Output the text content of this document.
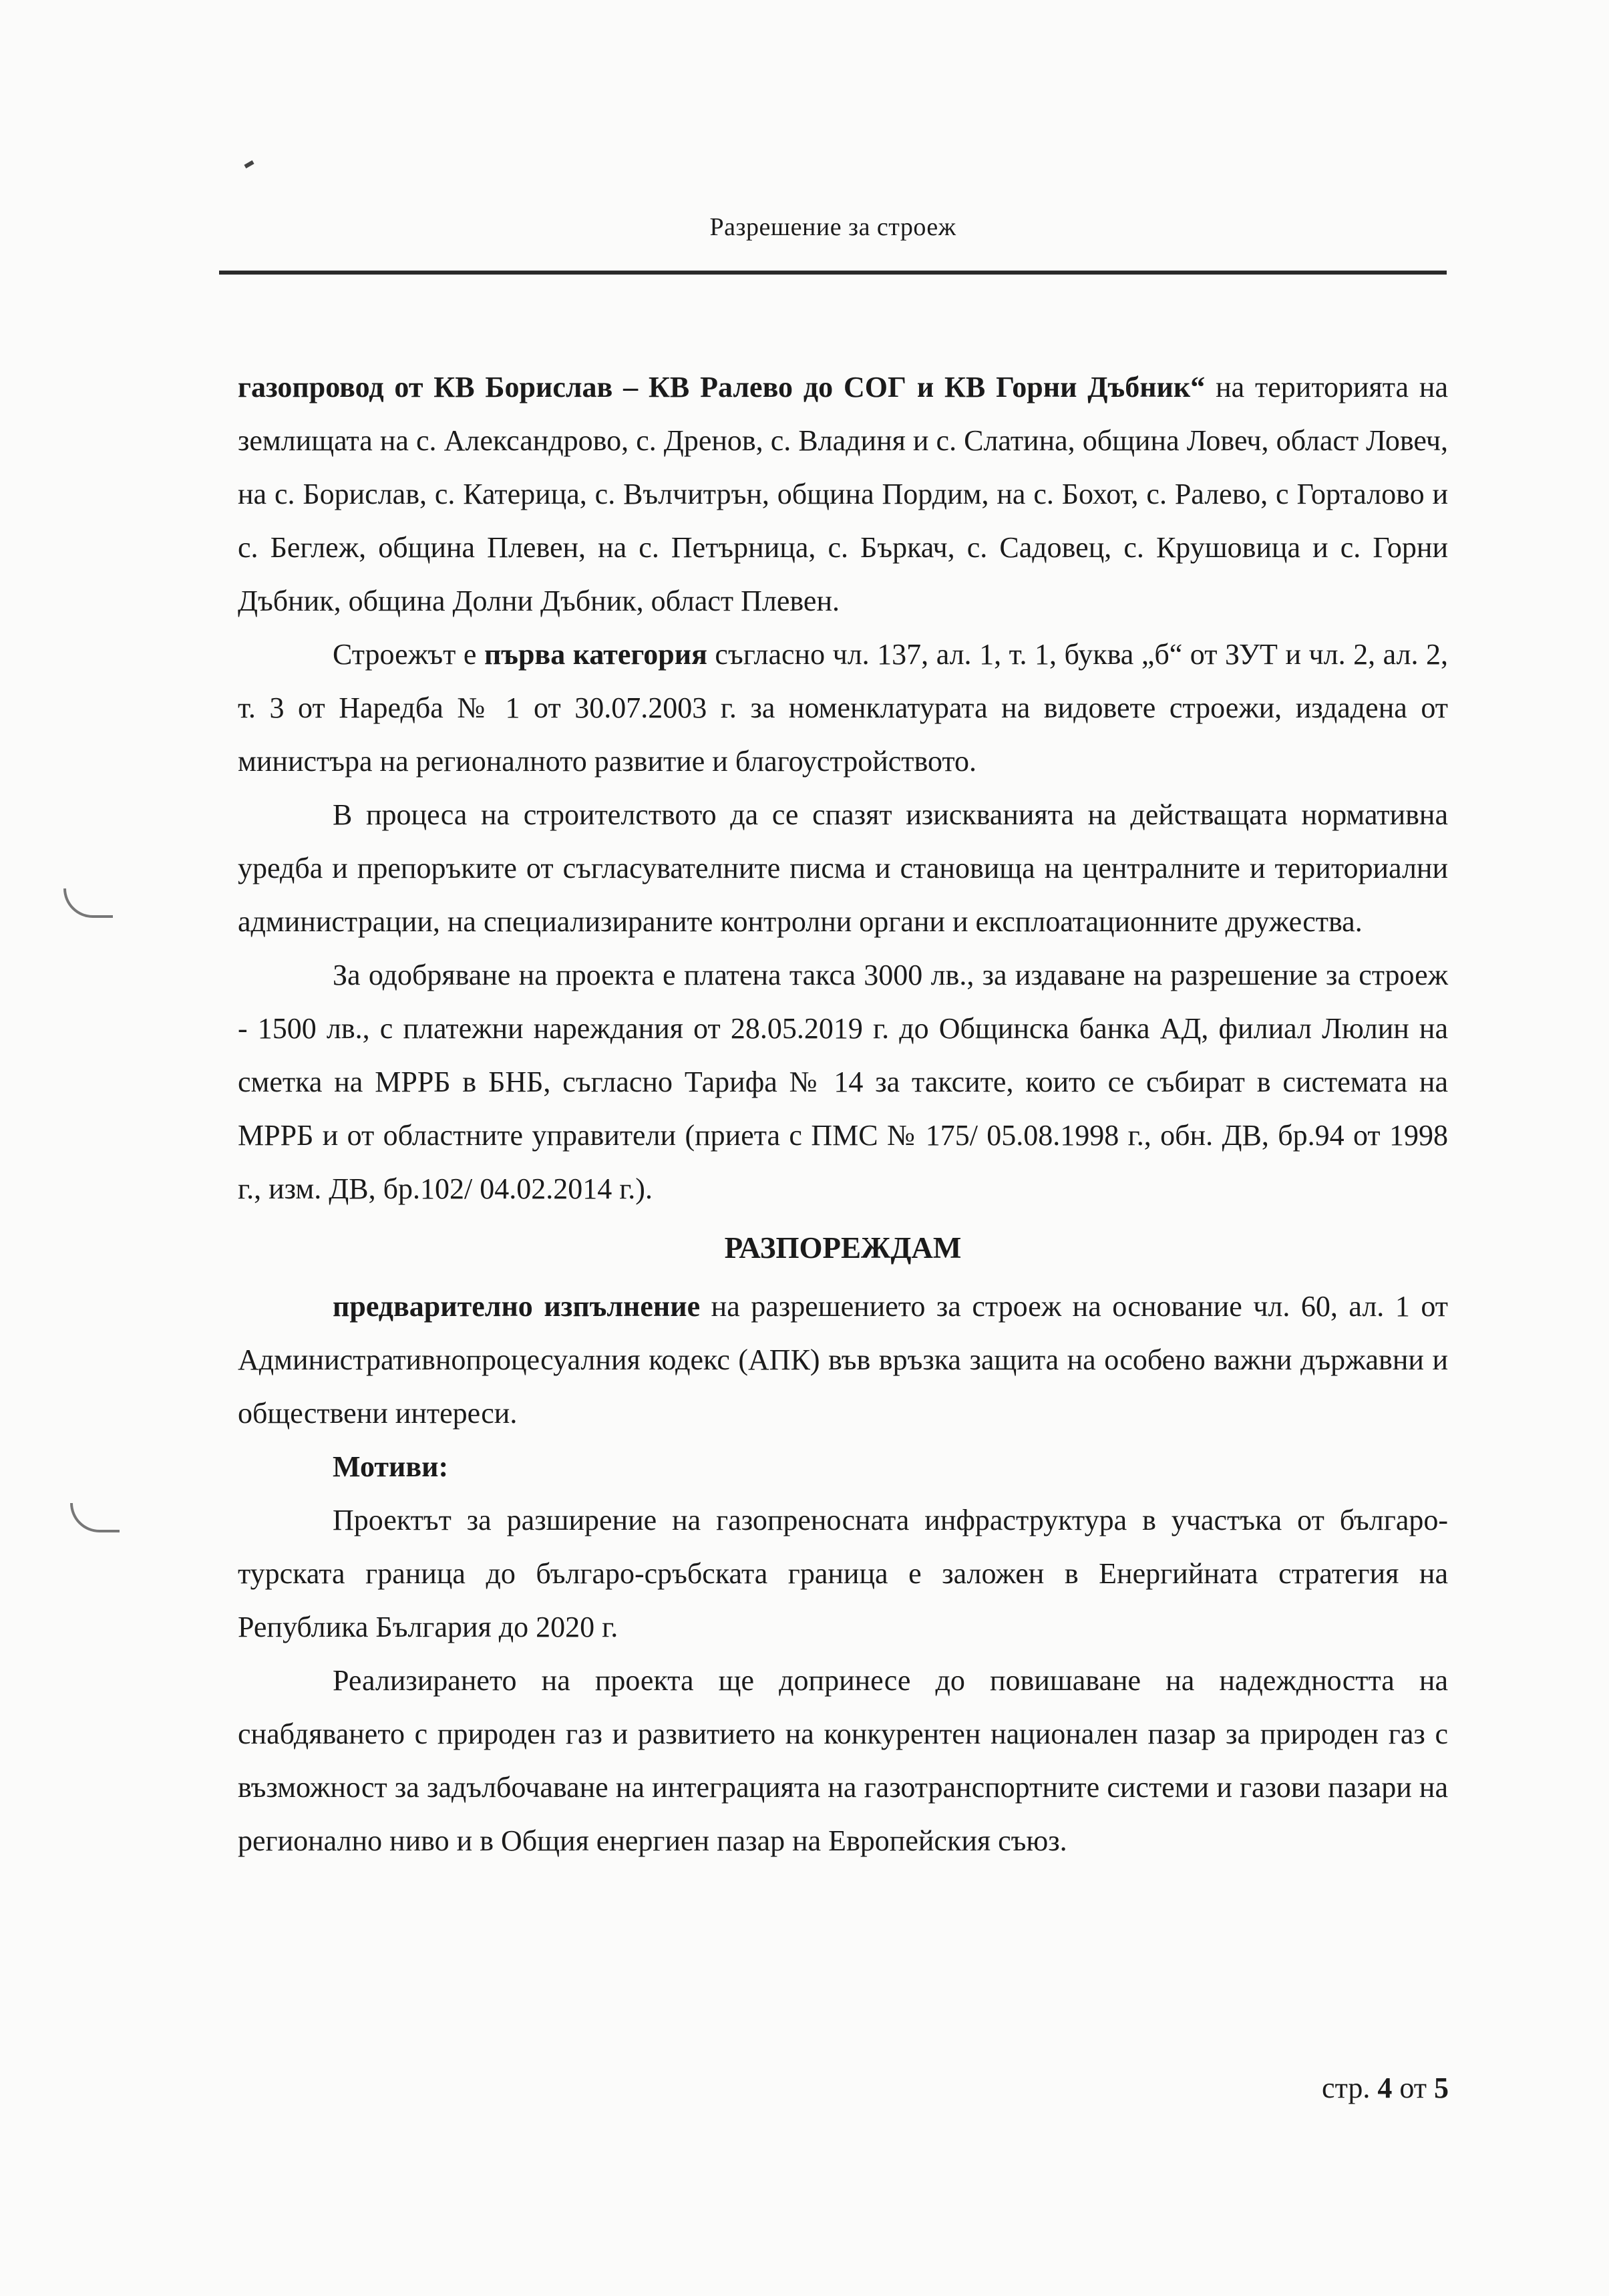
Разрешение за строеж

газопровод от КВ Борислав – КВ Ралево до СОГ и КВ Горни Дъбник“ на територията на землищата на с. Александрово, с. Дренов, с. Владиня и с. Слатина, община Ловеч, област Ловеч, на с. Борислав, с. Катерица, с. Вълчитрън, община Пордим, на с. Бохот, с. Ралево, с Горталово и с. Беглеж, община Плевен, на с. Петърница, с. Бъркач, с. Садовец, с. Крушовица и с. Горни Дъбник, община Долни Дъбник, област Плевен.

Строежът е първа категория съгласно чл. 137, ал. 1, т. 1, буква „б“ от ЗУТ и чл. 2, ал. 2, т. 3 от Наредба № 1 от 30.07.2003 г. за номенклатурата на видовете строежи, издадена от министъра на регионалното развитие и благоустройството.

В процеса на строителството да се спазят изискванията на действащата нормативна уредба и препоръките от съгласувателните писма и становища на централните и териториални администрации, на специализираните контролни органи и експлоатационните дружества.

За одобряване на проекта е платена такса 3000 лв., за издаване на разрешение за строеж - 1500 лв., с платежни нареждания от 28.05.2019 г. до Общинска банка АД, филиал Люлин на сметка на МРРБ в БНБ, съгласно Тарифа № 14 за таксите, които се събират в системата на МРРБ и от областните управители (приета с ПМС № 175/ 05.08.1998 г., обн. ДВ, бр.94 от 1998 г., изм. ДВ, бр.102/ 04.02.2014 г.).

РАЗПОРЕЖДАМ

предварително изпълнение на разрешението за строеж на основание чл. 60, ал. 1 от Административнопроцесуалния кодекс (АПК) във връзка защита на особено важни държавни и обществени интереси.

Мотиви:

Проектът за разширение на газопреносната инфраструктура в участъка от българо-турската граница до българо-сръбската граница е заложен в Енергийната стратегия на Република България до 2020 г.

Реализирането на проекта ще допринесе до повишаване на надеждността на снабдяването с природен газ и развитието на конкурентен национален пазар за природен газ с възможност за задълбочаване на интеграцията на газотранспортните системи и газови пазари на регионално ниво и в Общия енергиен пазар на Европейския съюз.

стр. 4 от 5
